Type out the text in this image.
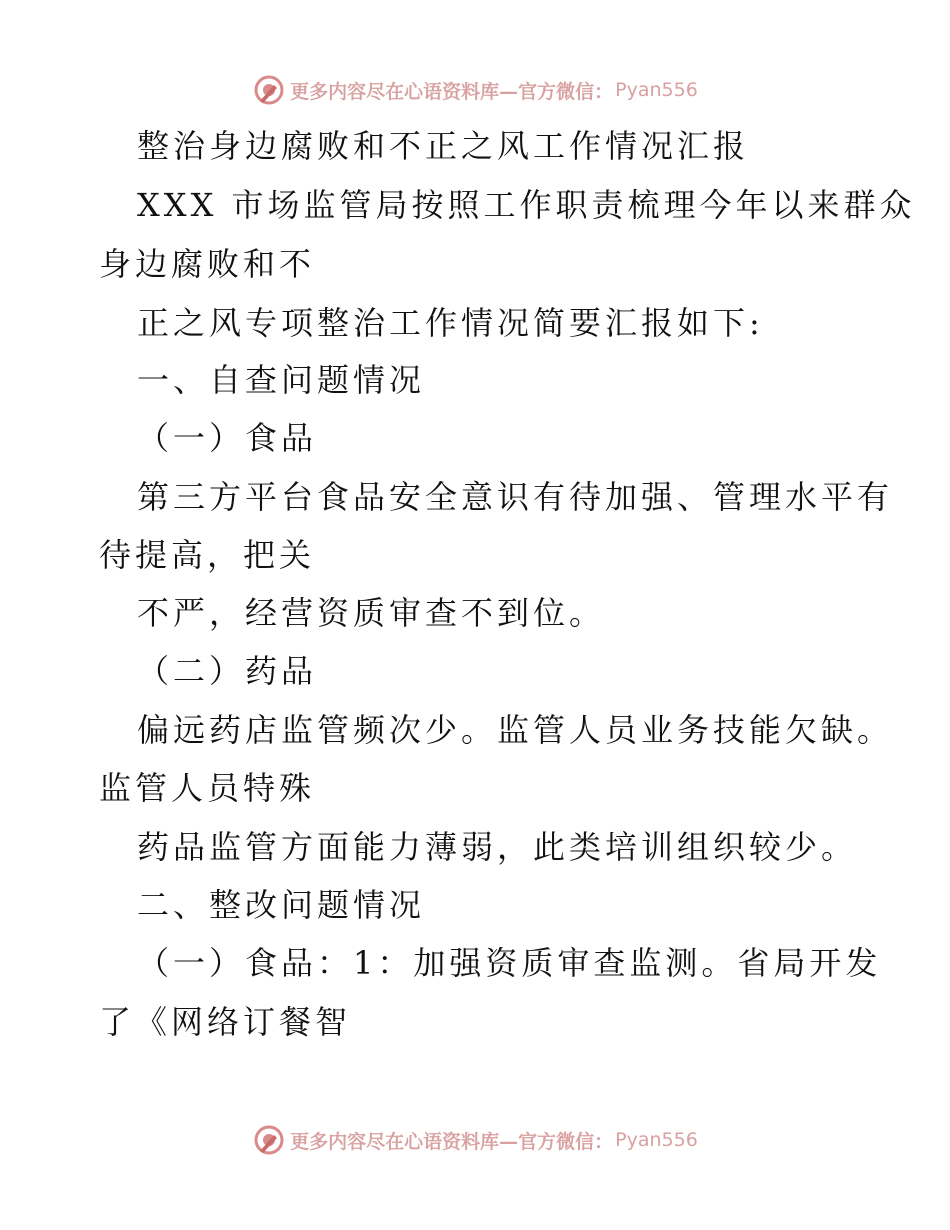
更多内容尽在心语资料库—官方微信： Pyan556
整治身边腐败和不正之风工作情况汇报
XXX 市场监管局按照工作职责梳理今年以来群众
身边腐败和不
正之风专项整治工作情况简要汇报如下:
一、自查问题情况
（一）食品
第三方平台食品安全意识有待加强、管理水平有
待提高，把关
不严，经营资质审查不到位。
（二）药品
偏远药店监管频次少。监管人员业务技能欠缺。
监管人员特殊
药品监管方面能力薄弱，此类培训组织较少。
二、整改问题情况
（一）食品：1：加强资质审查监测。省局开发
了《网络订餐智
更多内容尽在心语资料库—官方微信： Pyan556
